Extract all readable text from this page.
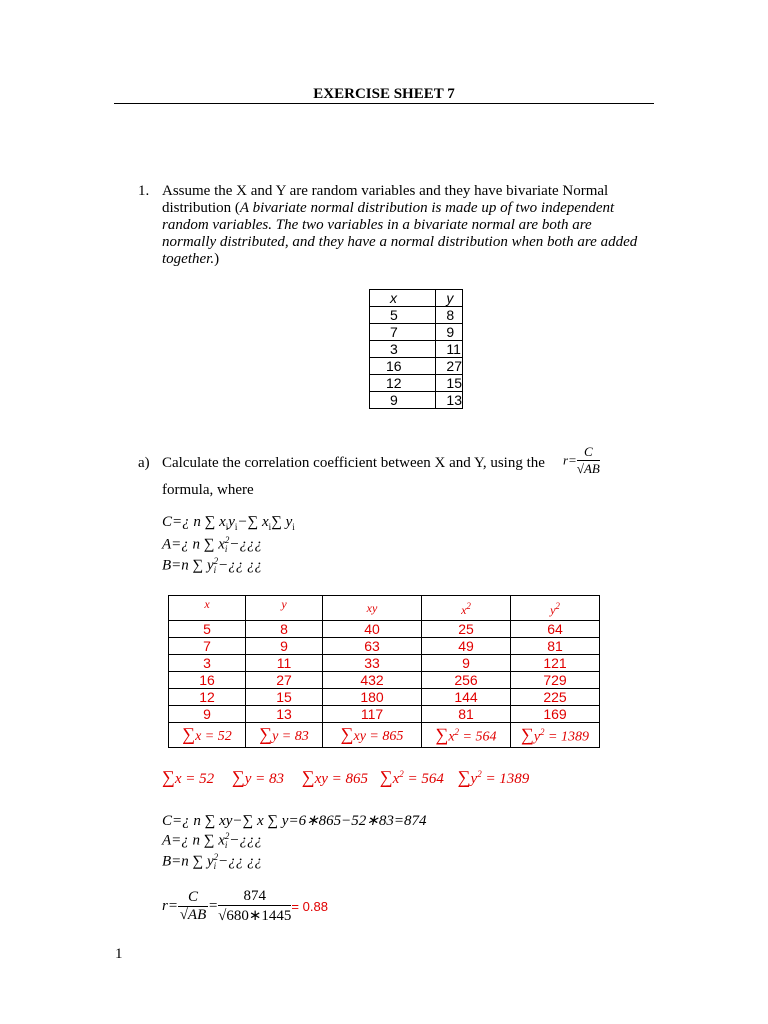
EXERCISE SHEET 7
1. Assume the X and Y are random variables and they have bivariate Normal distribution (A bivariate normal distribution is made up of two independent random variables. The two variables in a bivariate normal are both are normally distributed, and they have a normal distribution when both are added together.)
x	y
5	8
7	9
3	11
16	27
12	15
9	13
a) Calculate the correlation coefficient between X and Y, using the $r= \frac{C}{√AB}$
formula, where
C=¿ n ∑ $x_iy_i-\sum$ $x_i\sum$ $y_i$
A=¿ n ∑ x 2
i −¿¿¿
B=n ∑ y 2
i −¿¿ ¿¿
x	y	xy	$x^2$	$y^2$
5	8	40	25	64
7	9	63	49	81
3	11	33	9	121
16	27	432	256	729
12	15	180	144	225
9	13	117	81	169
∑x = 52	∑y = 83	∑xy = 865	$\sum x^2 = 564$	$\sum y^2 = 1389$
∑x = 52 ∑y = 83 ∑xy = 865 $\sum x^2 = 564$ $\sum y^2 = 1389$
C=¿ n ∑ xy−∑ x ∑ y=6∗865−52∗83=874
A=¿ n ∑ x 2
i −¿¿¿
B=n ∑ y 2
i −¿¿ ¿¿
$r= \frac{C}{√AB} = \frac{874}{√680∗1445} = 0.88$
1
